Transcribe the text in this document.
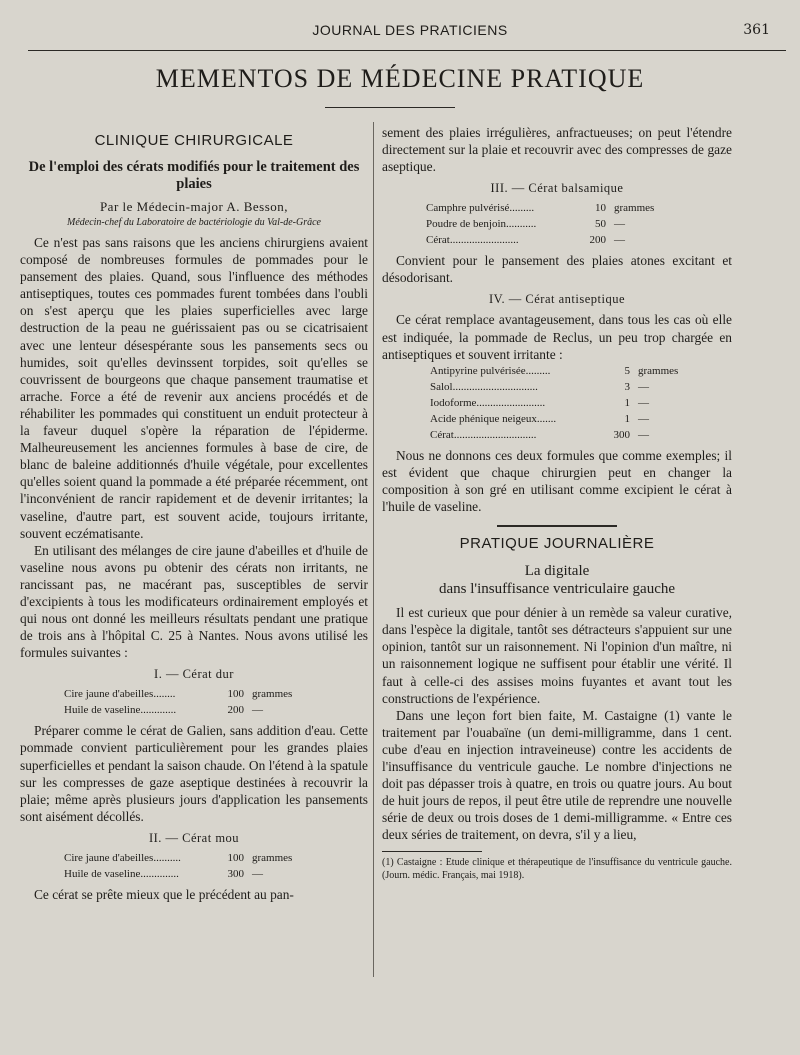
JOURNAL DES PRATICIENS	361
MEMENTOS DE MÉDECINE PRATIQUE
CLINIQUE CHIRURGICALE
De l'emploi des cérats modifiés pour le traitement des plaies
Par le Médecin-major A. Besson,
Médecin-chef du Laboratoire de bactériologie du Val-de-Grâce

Ce n'est pas sans raisons que les anciens chirurgiens avaient composé de nombreuses formules de pommades pour le pansement des plaies. Quand, sous l'influence des méthodes antiseptiques, toutes ces pommades furent tombées dans l'oubli on s'est aperçu que les plaies superficielles avec large destruction de la peau ne guérissaient pas ou se cicatrisaient avec une lenteur désespérante sous les pansements secs ou humides, soit qu'elles devinssent torpides, soit qu'elles se couvrissent de bourgeons que chaque pansement traumatise et arrache. Force a été de revenir aux anciens procédés et de réhabiliter les pommades qui constituent un enduit protecteur à la faveur duquel s'opère la réparation de l'épiderme. Malheureusement les anciennes formules à base de cire, de blanc de baleine additionnés d'huile végétale, pour excellentes qu'elles soient quand la pommade a été préparée récemment, ont l'inconvénient de rancir rapidement et de devenir irritantes; la vaseline, d'autre part, est souvent acide, toujours irritante, souvent eczématisante.

En utilisant des mélanges de cire jaune d'abeilles et d'huile de vaseline nous avons pu obtenir des cérats non irritants, ne rancissant pas, ne macérant pas, susceptibles de servir d'excipients à tous les modificateurs ordinairement employés et qui nous ont donné les meilleurs résultats pendant une pratique de trois ans à l'hôpital C. 25 à Nantes. Nous avons utilisé les formules suivantes :

I. — Cérat dur
Cire jaune d'abeilles........	100 grammes
Huile de vaseline.............	200 —

Préparer comme le cérat de Galien, sans addition d'eau. Cette pommade convient particulièrement pour les grandes plaies superficielles et pendant la saison chaude. On l'étend à la spatule sur les compresses de gaze aseptique destinées à recouvrir la plaie; même après plusieurs jours d'application les pansements sont aisément décollés.

II. — Cérat mou
Cire jaune d'abeilles..........	100 grammes
Huile de vaseline..............	300 —

Ce cérat se prête mieux que le précédent au pan-

sement des plaies irrégulières, anfractueuses; on peut l'étendre directement sur la plaie et recouvrir avec des compresses de gaze aseptique.

III. — Cérat balsamique
Camphre pulvérisé.........	10 grammes
Poudre de benjoin...........	50 —
Cérat.........................	200 —

Convient pour le pansement des plaies atones excitant et désodorisant.

IV. — Cérat antiseptique

Ce cérat remplace avantageusement, dans tous les cas où elle est indiquée, la pommade de Reclus, un peu trop chargée en antiseptiques et souvent irritante :

Antipyrine pulvérisée.........	5 grammes
Salol...............................	3 —
Iodoforme.........................	1 —
Acide phénique neigeux.......	1 —
Cérat..............................	300 —

Nous ne donnons ces deux formules que comme exemples; il est évident que chaque chirurgien peut en changer la composition à son gré en utilisant comme excipient le cérat à l'huile de vaseline.

PRATIQUE JOURNALIÈRE
La digitale
dans l'insuffisance ventriculaire gauche

Il est curieux que pour dénier à un remède sa valeur curative, dans l'espèce la digitale, tantôt ses détracteurs s'appuient sur une opinion, tantôt sur un raisonnement. Ni l'opinion d'un maître, ni un raisonnement logique ne suffisent pour établir une vérité. Il faut à celle-ci des assises moins fuyantes et avant tout les constructions de l'expérience.

Dans une leçon fort bien faite, M. Castaigne (1) vante le traitement par l'ouabaïne (un demi-milligramme, dans 1 cent. cube d'eau en injection intraveineuse) contre les accidents de l'insuffisance du ventricule gauche. Le nombre d'injections ne doit pas dépasser trois à quatre, en trois ou quatre jours. Au bout de huit jours de repos, il peut être utile de reprendre une nouvelle série de deux ou trois doses de 1 demi-milligramme. « Entre ces deux séries de traitement, on devra, s'il y a lieu,

(1) Castaigne : Etude clinique et thérapeutique de l'insuffisance du ventricule gauche. (Journ. médic. Français, mai 1918).
